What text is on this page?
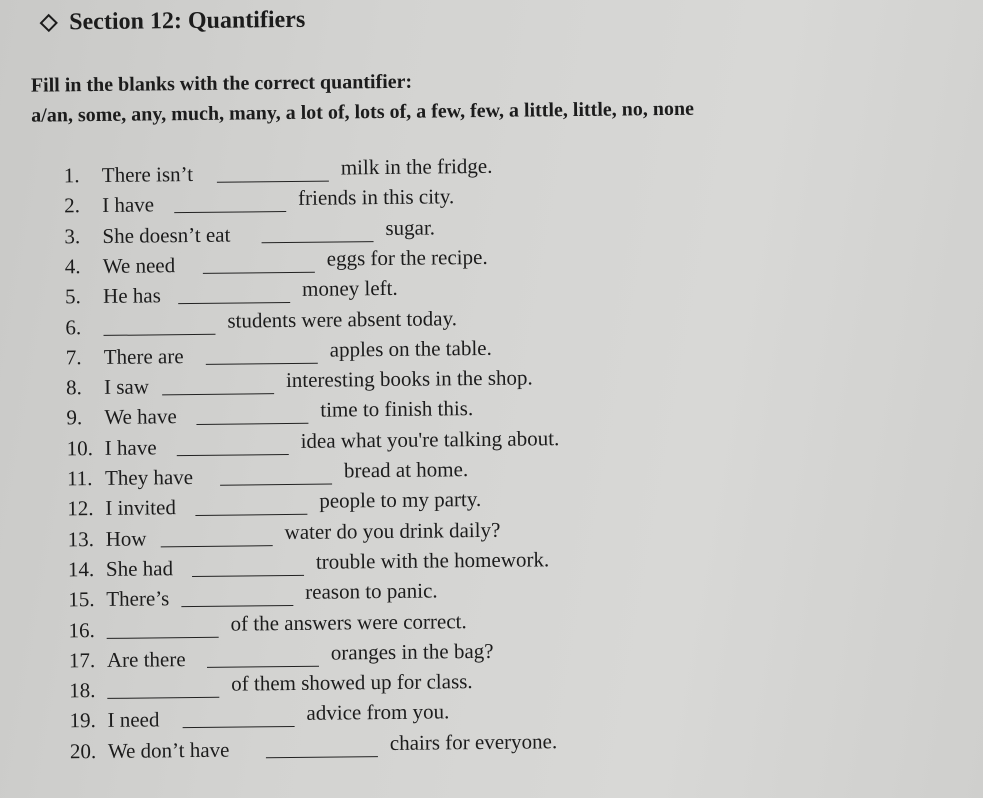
Section 12: Quantifiers
Fill in the blanks with the correct quantifier:
a/an, some, any, much, many, a lot of, lots of, a few, few, a little, little, no, none
1. There isn’t	milk in the fridge.
2. I have	friends in this city.
3. She doesn’t eat	sugar.
4. We need	eggs for the recipe.
5. He has	money left.
6.	students were absent today.
7. There are	apples on the table.
8. I saw	interesting books in the shop.
9. We have	time to finish this.
10. I have	idea what you're talking about.
11. They have	bread at home.
12. I invited	people to my party.
13. How	water do you drink daily?
14. She had	trouble with the homework.
15. There’s	reason to panic.
16.	of the answers were correct.
17. Are there	oranges in the bag?
18.	of them showed up for class.
19. I need	advice from you.
20. We don’t have	chairs for everyone.
